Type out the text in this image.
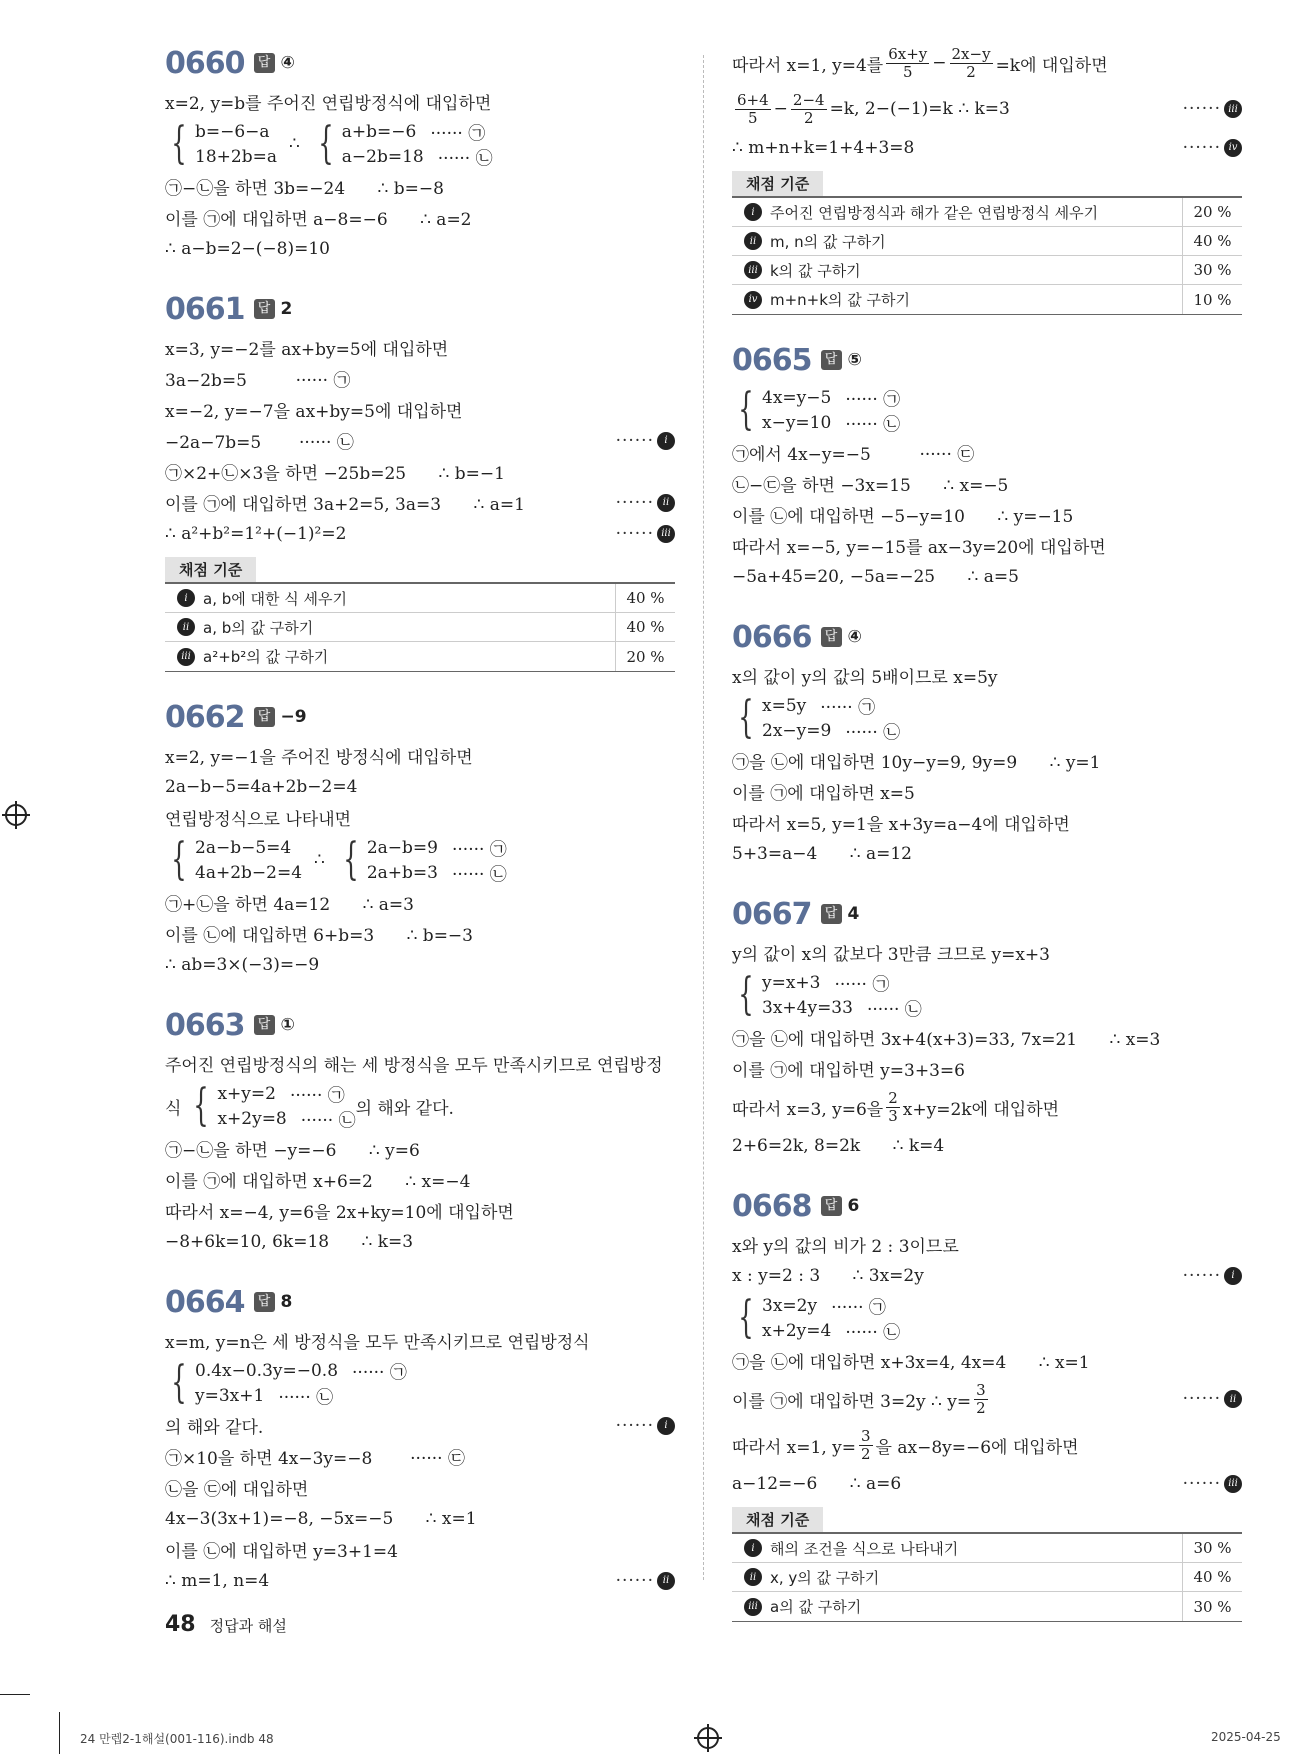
0660	답 ④
x=2, y=b를 주어진 연립방정식에 대입하면
{ b=−6−a
18+2b=a
∴ { a+b=−6 ······ ㉠
a−2b=18 ······ ㉡
㉠−㉡을 하면 3b=−24      ∴ b=−8
이를 ㉠에 대입하면 a−8=−6      ∴ a=2
∴ a−b=2−(−8)=10
0661	답 2
x=3, y=−2를 ax+by=5에 대입하면
3a−2b=5         ······ ㉠
x=−2, y=−7을 ax+by=5에 대입하면
−2a−7b=5       ······ ㉡	······	i
㉠×2+㉡×3을 하면 −25b=25      ∴ b=−1
이를 ㉠에 대입하면 3a+2=5, 3a=3      ∴ a=1	······ ii
∴ a²+b²=1²+(−1)²=2	······ iii
채점 기준
i	a, b에 대한 식 세우기	40 %
ii a, b의 값 구하기	40 %
iii a²+b²의 값 구하기	20 %
0662	답 −9
x=2, y=−1을 주어진 방정식에 대입하면
2a−b−5=4a+2b−2=4
연립방정식으로 나타내면
{ 2a−b−5=4
4a+2b−2=4
∴ { 2a−b=9 ······ ㉠
2a+b=3 ······ ㉡
㉠+㉡을 하면 4a=12      ∴ a=3
이를 ㉡에 대입하면 6+b=3      ∴ b=−3
∴ ab=3×(−3)=−9
0663	답 ①
주어진 연립방정식의 해는 세 방정식을 모두 만족시키므로 연립방정
식 { x+y=2 ······ ㉠
x+2y=8 ······ ㉡
의 해와 같다.
㉠−㉡을 하면 −y=−6      ∴ y=6
이를 ㉠에 대입하면 x+6=2      ∴ x=−4
따라서 x=−4, y=6을 2x+ky=10에 대입하면
−8+6k=10, 6k=18      ∴ k=3
0664	답 8
x=m, y=n은 세 방정식을 모두 만족시키므로 연립방정식
{ 0.4x−0.3y=−0.8 ······ ㉠
y=3x+1 ······ ㉡
의 해와 같다.	······	i
㉠×10을 하면 4x−3y=−8       ······ ㉢
㉡을 ㉢에 대입하면
4x−3(3x+1)=−8, −5x=−5      ∴ x=1
이를 ㉡에 대입하면 y=3+1=4
∴ m=1, n=4	······ ii
따라서 x=1, y=4를 $\frac{6x+y}{5} - \frac{2x-y}{2} =k$에 대입하면
$\frac{6+4}{5} - \frac{2-4}{2} =k$, 2−(−1)=k ∴ k=3	······ iii
∴ m+n+k=1+4+3=8	······ iv
채점 기준
i	주어진 연립방정식과 해가 같은 연립방정식 세우기	20 %
ii m, n의 값 구하기	40 %
iii k의 값 구하기	30 %
iv m+n+k의 값 구하기	10 %
0665	답 ⑤
{ 4x=y−5 ······ ㉠
x−y=10 ······ ㉡
㉠에서 4x−y=−5         ······ ㉢
㉡−㉢을 하면 −3x=15      ∴ x=−5
이를 ㉡에 대입하면 −5−y=10      ∴ y=−15
따라서 x=−5, y=−15를 ax−3y=20에 대입하면
−5a+45=20, −5a=−25      ∴ a=5
0666	답 ④
x의 값이 y의 값의 5배이므로 x=5y
{ x=5y ······ ㉠
2x−y=9 ······ ㉡
㉠을 ㉡에 대입하면 10y−y=9, 9y=9      ∴ y=1
이를 ㉠에 대입하면 x=5
따라서 x=5, y=1을 x+3y=a−4에 대입하면
5+3=a−4      ∴ a=12
0667	답 4
y의 값이 x의 값보다 3만큼 크므로 y=x+3
{ y=x+3 ······ ㉠
3x+4y=33 ······ ㉡
㉠을 ㉡에 대입하면 3x+4(x+3)=33, 7x=21      ∴ x=3
이를 ㉠에 대입하면 y=3+3=6
따라서 x=3, y=6을 $\frac{2}{3} x+y=2k$에 대입하면
2+6=2k, 8=2k      ∴ k=4
0668	답 6
x와 y의 값의 비가 2 : 3이므로
x : y=2 : 3      ∴ 3x=2y	······	i
{ 3x=2y ······ ㉠
x+2y=4 ······ ㉡
㉠을 ㉡에 대입하면 x+3x=4, 4x=4      ∴ x=1
이를 ㉠에 대입하면 3=2y ∴ $y= \frac{3}{2}$	······ ii
따라서 x=1, $y= \frac{3}{2}$ 을 ax−8y=−6에 대입하면
a−12=−6      ∴ a=6	······ iii
채점 기준
i	해의 조건을 식으로 나타내기	30 %
ii x, y의 값 구하기	40 %
iii a의 값 구하기	30 %
48 정답과 해설
24 만렙2-1해설(001-116).indb 48	2025-04-25
